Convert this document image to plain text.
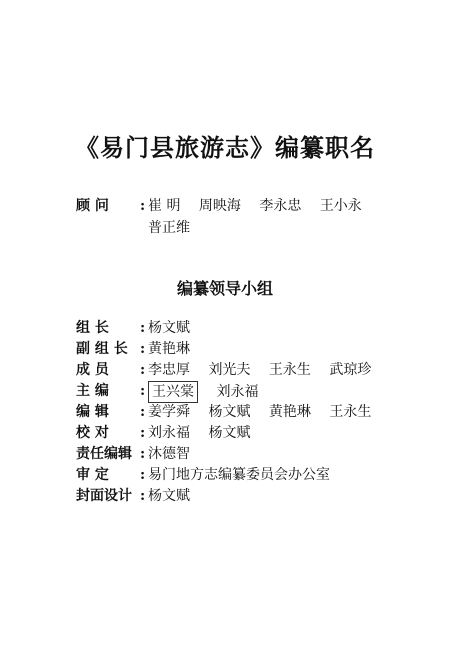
《易门县旅游志》编纂职名
顾 问 : 崔 明 周映海 李永忠 王小永 普正维
编纂领导小组
组 长 : 杨文赋
副 组 长 : 黄艳琳
成 员 : 李忠厚 刘光夫 王永生 武琼珍
主 编 : 王兴棠 刘永福
编 辑 : 姜学舜 杨文赋 黄艳琳 王永生
校 对 : 刘永福 杨文赋
责任编辑 : 沐德智
审 定 : 易门地方志编纂委员会办公室
封面设计 : 杨文赋
